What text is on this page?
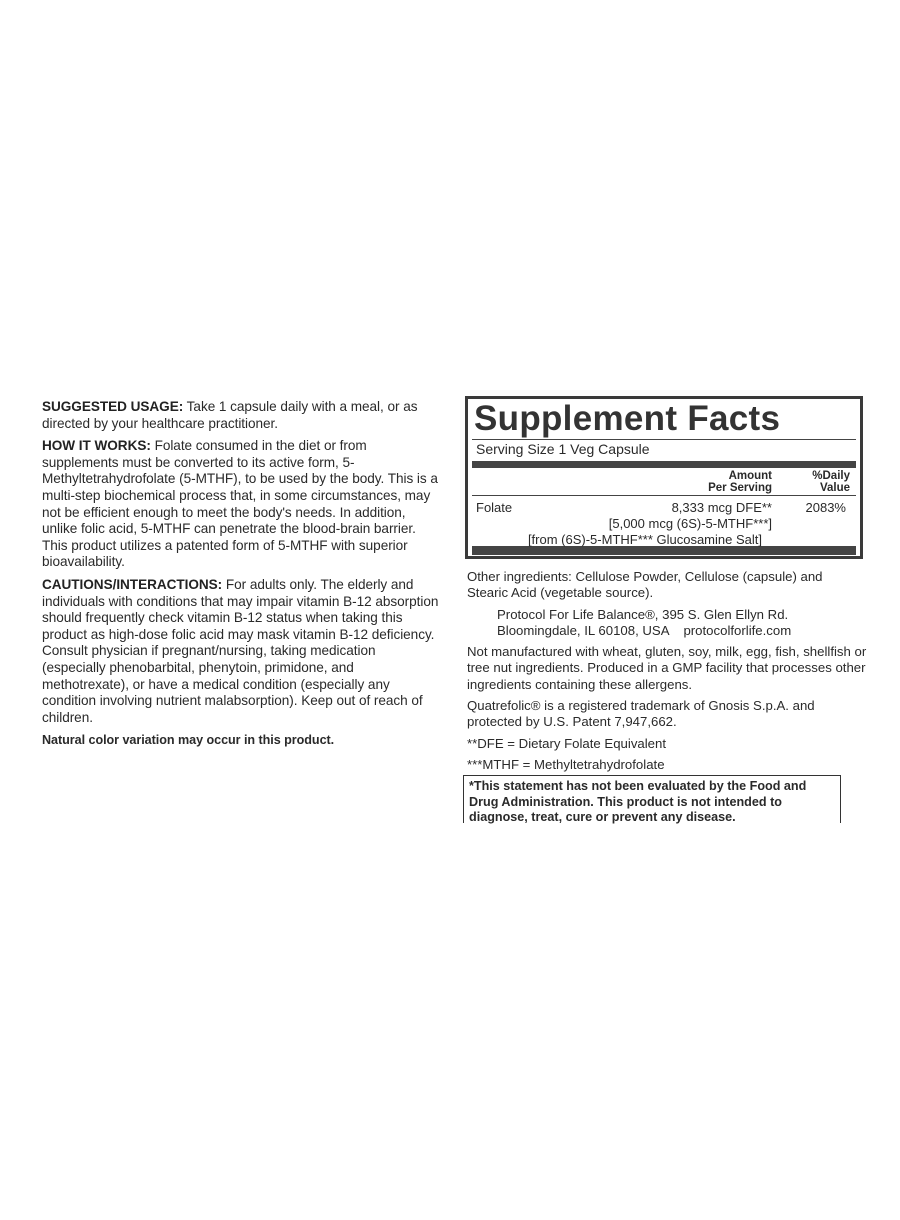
SUGGESTED USAGE: Take 1 capsule daily with a meal, or as directed by your healthcare practitioner.

HOW IT WORKS: Folate consumed in the diet or from supplements must be converted to its active form, 5-Methyltetrahydrofolate (5-MTHF), to be used by the body. This is a multi-step biochemical process that, in some circumstances, may not be efficient enough to meet the body's needs. In addition, unlike folic acid, 5-MTHF can penetrate the blood-brain barrier. This product utilizes a patented form of 5-MTHF with superior bioavailability.

CAUTIONS/INTERACTIONS: For adults only. The elderly and individuals with conditions that may impair vitamin B-12 absorption should frequently check vitamin B-12 status when taking this product as high-dose folic acid may mask vitamin B-12 deficiency. Consult physician if pregnant/nursing, taking medication (especially phenobarbital, phenytoin, primidone, and methotrexate), or have a medical condition (especially any condition involving nutrient malabsorption). Keep out of reach of children.

Natural color variation may occur in this product.

Supplement Facts
Serving Size 1 Veg Capsule
Amount
Per Serving
%Daily
Value
Folate	8,333 mcg DFE**	2083%
[5,000 mcg (6S)-5-MTHF***]
[from (6S)-5-MTHF*** Glucosamine Salt]

Other ingredients: Cellulose Powder, Cellulose (capsule) and Stearic Acid (vegetable source).

Protocol For Life Balance®, 395 S. Glen Ellyn Rd.
Bloomingdale, IL 60108, USA    protocolforlife.com

Not manufactured with wheat, gluten, soy, milk, egg, fish, shellfish or tree nut ingredients. Produced in a GMP facility that processes other ingredients containing these allergens.

Quatrefolic® is a registered trademark of Gnosis S.p.A. and protected by U.S. Patent 7,947,662.

**DFE = Dietary Folate Equivalent

***MTHF = Methyltetrahydrofolate

*This statement has not been evaluated by the Food and Drug Administration. This product is not intended to diagnose, treat, cure or prevent any disease.
